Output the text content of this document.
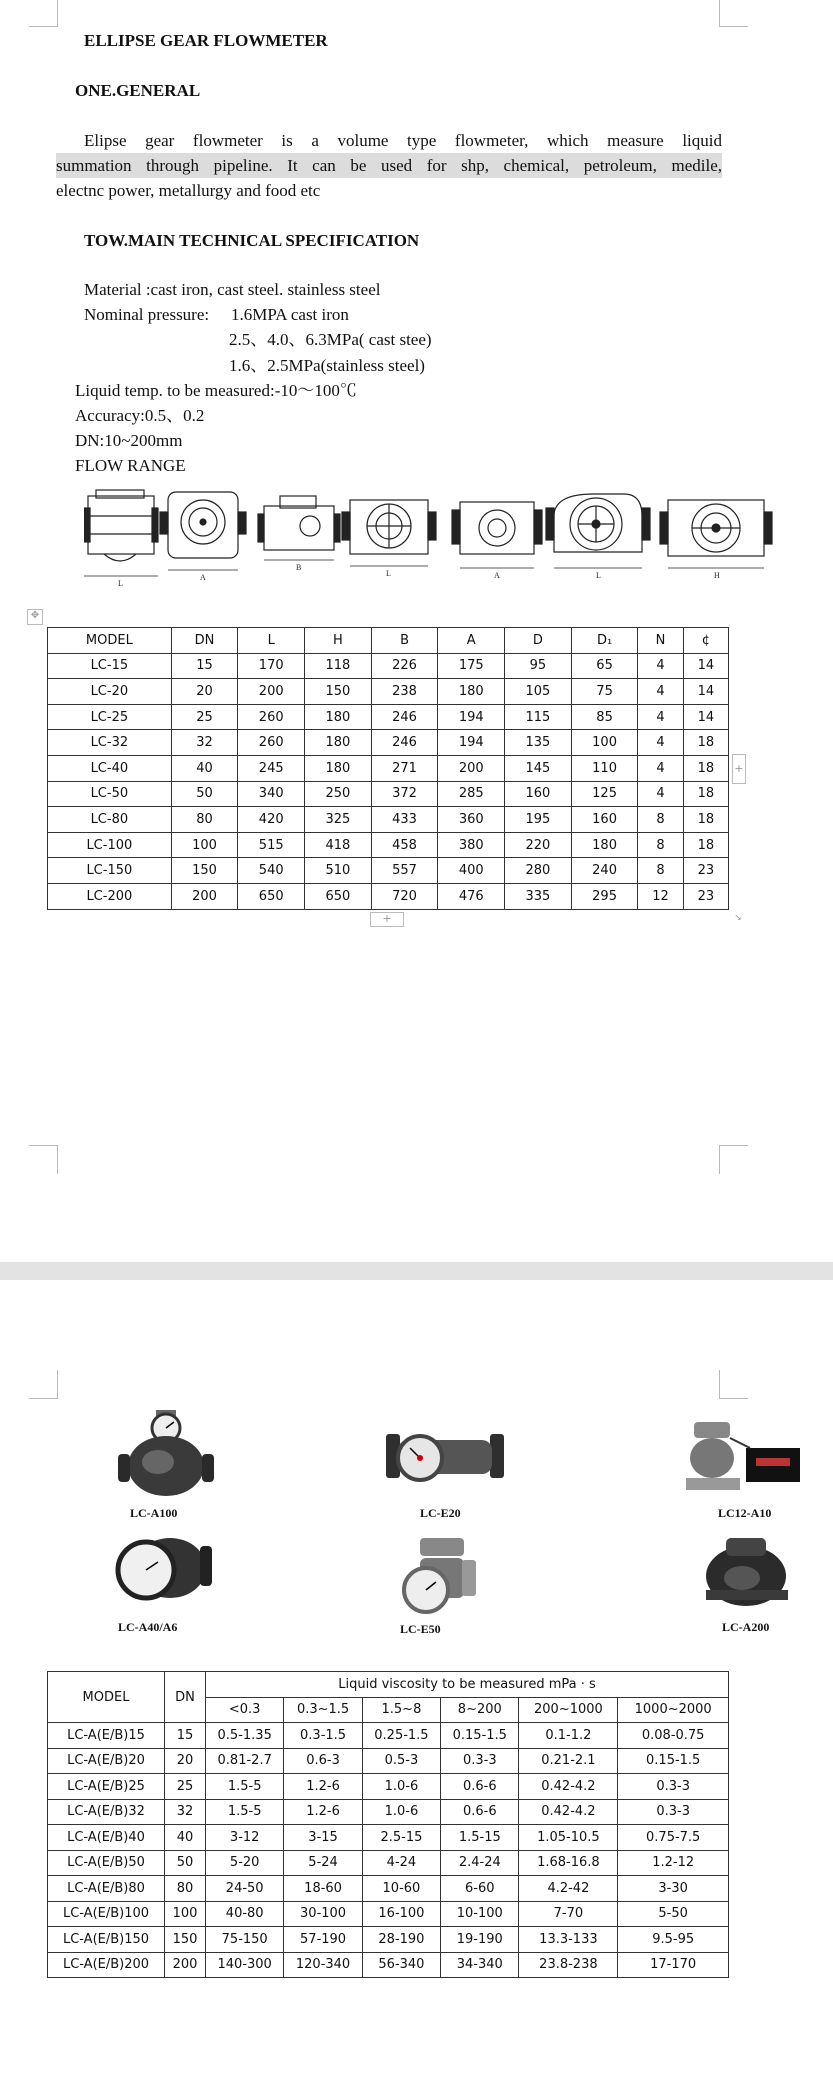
ELLIPSE GEAR FLOWMETER
ONE.GENERAL
Elipse gear flowmeter is a volume type flowmeter, which measure liquid
summation through pipeline. It can be used for shp, chemical, petroleum, medile,
electnc power, metallurgy and food etc
TOW.MAIN TECHNICAL SPECIFICATION
Material :cast iron, cast steel. stainless steel
Nominal pressure: 1.6MPA cast iron
2.5、4.0、6.3MPa( cast stee)
1.6、2.5MPa(stainless steel)
Liquid temp. to be measured:-10～100℃
Accuracy:0.5、0.2
DN:10~200mm
FLOW RANGE
L
A
B
L	A	L	H
✥
+
+	↘
MODEL	DN	L	H	B	A	D	D₁	N	¢
LC-15	15	170	118	226	175	95	65	4	14
LC-20	20	200	150	238	180	105	75	4	14
LC-25	25	260	180	246	194	115	85	4	14
LC-32	32	260	180	246	194	135	100	4	18
LC-40	40	245	180	271	200	145	110	4	18
LC-50	50	340	250	372	285	160	125	4	18
LC-80	80	420	325	433	360	195	160	8	18
LC-100	100	515	418	458	380	220	180	8	18
LC-150	150	540	510	557	400	280	240	8	23
LC-200	200	650	650	720	476	335	295	12	23
LC-A100	LC-E20	LC12-A10
LC-A40/A6	LC-E50	LC-A200
MODEL	DN	Liquid viscosity to be measured mPa · s					
		<0.3	0.3~1.5	1.5~8	8~200	200~1000	1000~2000
LC-A(E/B)15	15	0.5-1.35	0.3-1.5	0.25-1.5	0.15-1.5	0.1-1.2	0.08-0.75
LC-A(E/B)20	20	0.81-2.7	0.6-3	0.5-3	0.3-3	0.21-2.1	0.15-1.5
LC-A(E/B)25	25	1.5-5	1.2-6	1.0-6	0.6-6	0.42-4.2	0.3-3
LC-A(E/B)32	32	1.5-5	1.2-6	1.0-6	0.6-6	0.42-4.2	0.3-3
LC-A(E/B)40	40	3-12	3-15	2.5-15	1.5-15	1.05-10.5	0.75-7.5
LC-A(E/B)50	50	5-20	5-24	4-24	2.4-24	1.68-16.8	1.2-12
LC-A(E/B)80	80	24-50	18-60	10-60	6-60	4.2-42	3-30
LC-A(E/B)100	100	40-80	30-100	16-100	10-100	7-70	5-50
LC-A(E/B)150	150	75-150	57-190	28-190	19-190	13.3-133	9.5-95
LC-A(E/B)200	200	140-300	120-340	56-340	34-340	23.8-238	17-170
